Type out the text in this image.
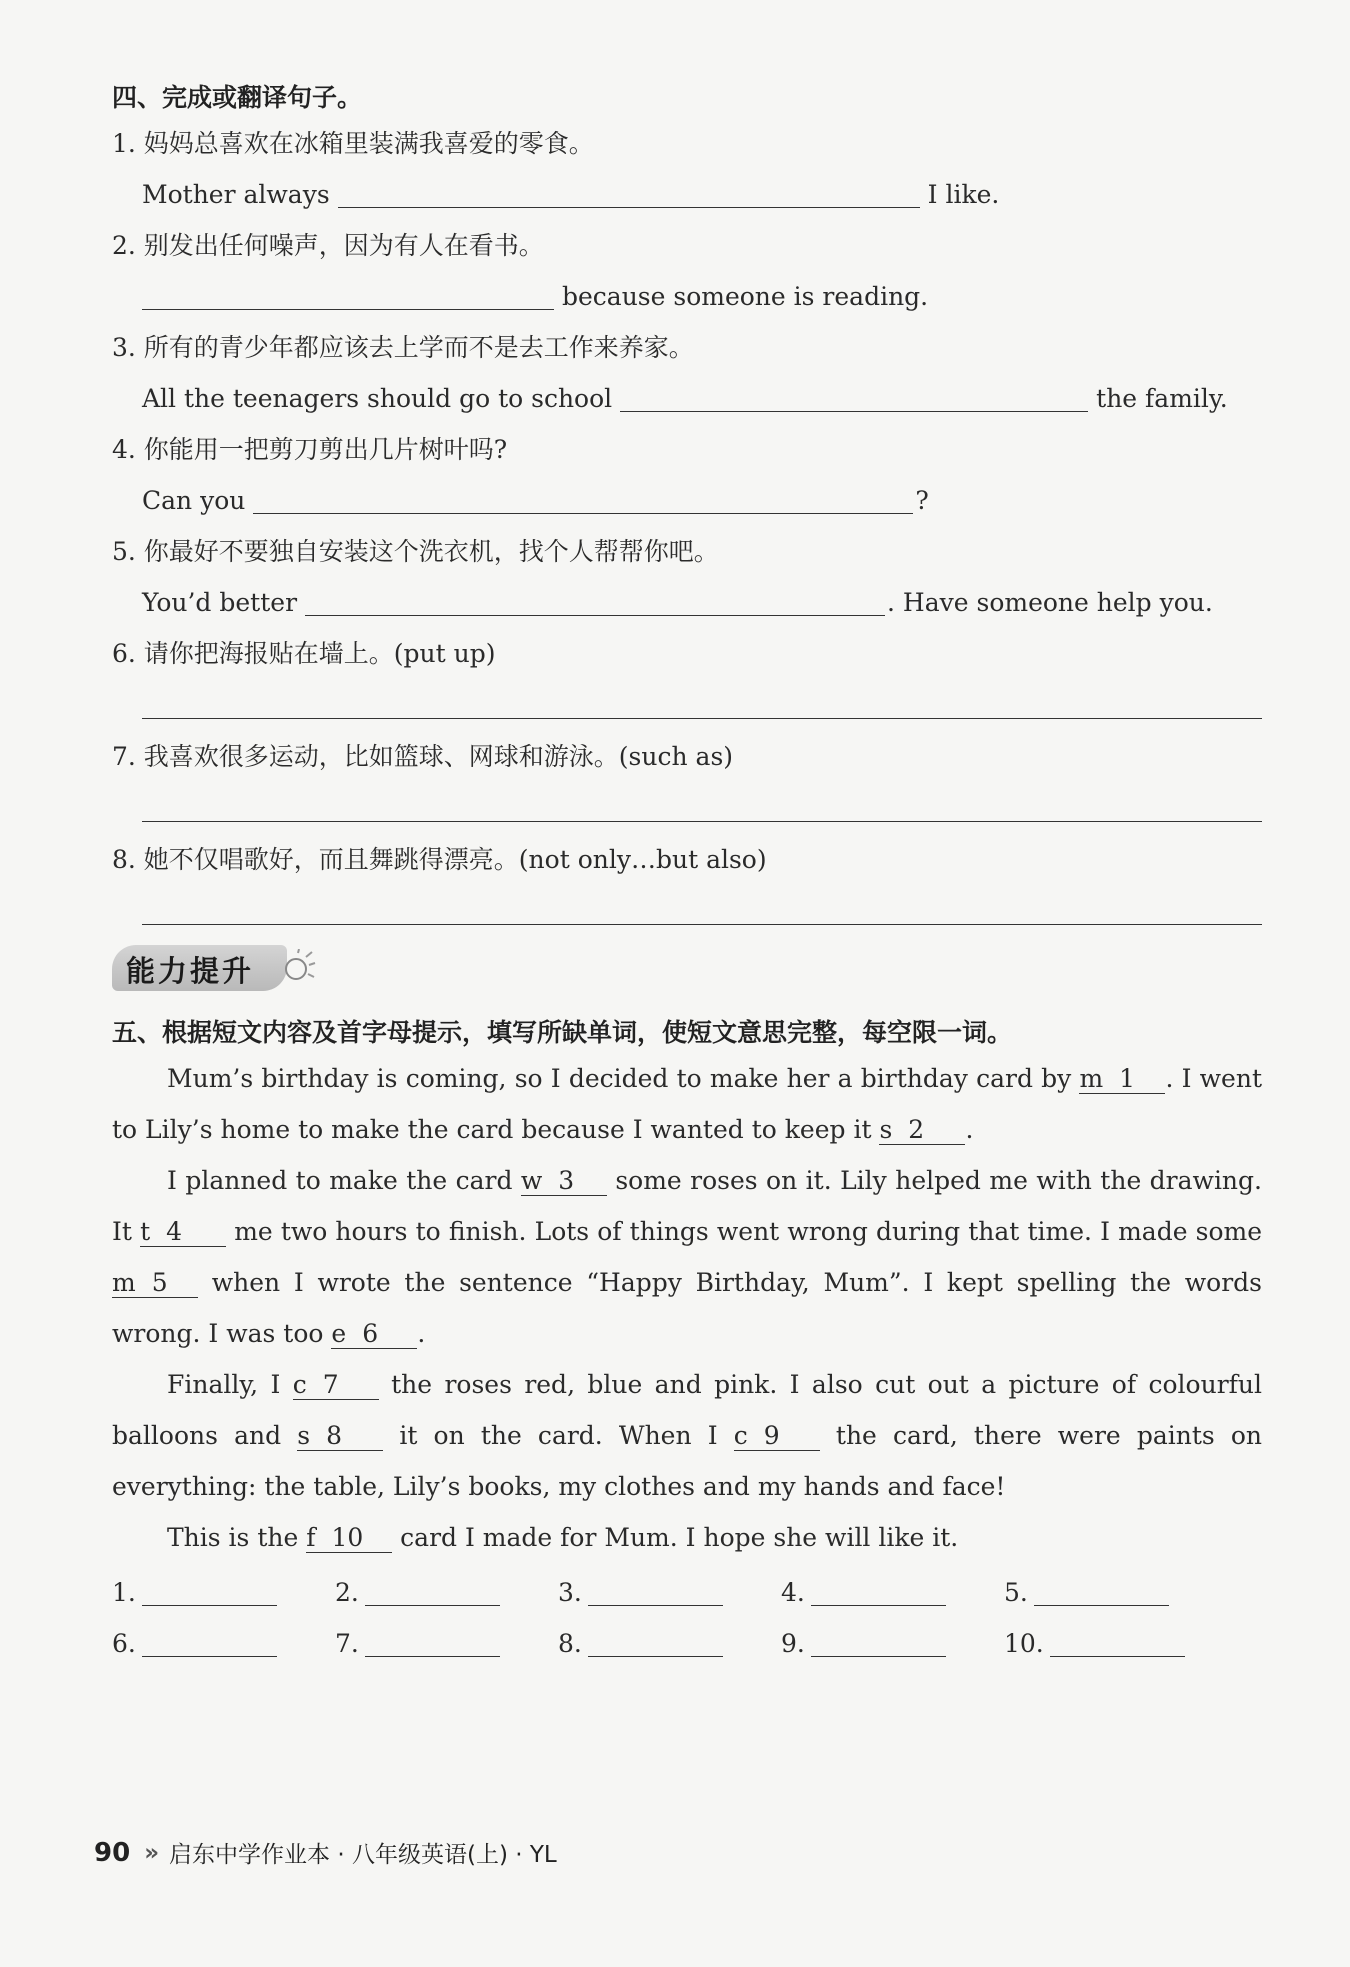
四、完成或翻译句子。
1. 妈妈总喜欢在冰箱里装满我喜爱的零食。
Mother always	I like.
2. 别发出任何噪声，因为有人在看书。
because someone is reading.
3. 所有的青少年都应该去上学而不是去工作来养家。
All the teenagers should go to school	the family.
4. 你能用一把剪刀剪出几片树叶吗?
Can you	?
5. 你最好不要独自安装这个洗衣机，找个人帮帮你吧。
You’d better	. Have someone help you.
6. 请你把海报贴在墙上。(put up)
7. 我喜欢很多运动，比如篮球、网球和游泳。(such as)
8. 她不仅唱歌好，而且舞跳得漂亮。(not only…but also)
能力提升
五、根据短文内容及首字母提示，填写所缺单词，使短文意思完整，每空限一词。

Mum’s birthday is coming, so I decided to make her a birthday card by m 1 . I went to Lily’s home to make the card because I wanted to keep it s 2 .

I planned to make the card w 3 some roses on it. Lily helped me with the drawing. It t 4 me two hours to finish. Lots of things went wrong during that time. I made some m 5 when I wrote the sentence “Happy Birthday, Mum”. I kept spelling the words wrong. I was too e 6 .

Finally, I c 7 the roses red, blue and pink. I also cut out a picture of colourful balloons and s 8 it on the card. When I c 9 the card, there were paints on everything: the table, Lily’s books, my clothes and my hands and face!

This is the f 10 card I made for Mum. I hope she will like it.

1.	2.	3.	4.	5.
6.	7.	8.	9.	10.
90 » 启东中学作业本 · 八年级英语(上) · YL
